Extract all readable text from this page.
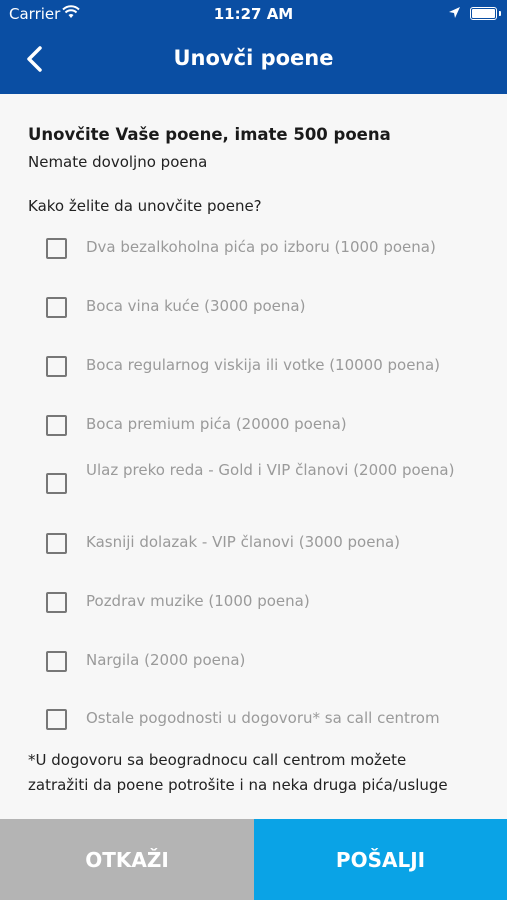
Carrier	11:27 AM
Unovči poene
Unovčite Vaše poene, imate 500 poena
Nemate dovoljno poena
Kako želite da unovčite poene?
Dva bezalkoholna pića po izboru (1000 poena)
Boca vina kuće (3000 poena)
Boca regularnog viskija ili votke (10000 poena)
Boca premium pića (20000 poena)
Ulaz preko reda - Gold i VIP članovi (2000 poena)
Kasniji dolazak - VIP članovi (3000 poena)
Pozdrav muzike (1000 poena)
Nargila (2000 poena)
Ostale pogodnosti u dogovoru* sa call centrom
*U dogovoru sa beogradnocu call centrom možete zatražiti da poene potrošite i na neka druga pića/usluge
OTKAŽI	POŠALJI
